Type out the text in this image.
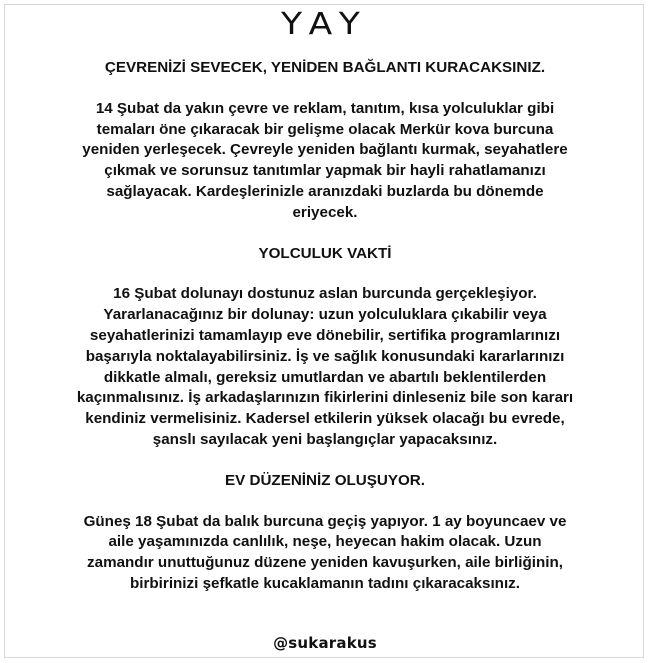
YAY

ÇEVRENİZİ SEVECEK, YENİDEN BAĞLANTI KURACAKSINIZ.

14 Şubat da yakın çevre ve reklam, tanıtım, kısa yolculuklar gibi

temaları öne çıkaracak bir gelişme olacak Merkür kova burcuna

yeniden yerleşecek. Çevreyle yeniden bağlantı kurmak, seyahatlere

çıkmak ve sorunsuz tanıtımlar yapmak bir hayli rahatlamanızı

sağlayacak. Kardeşlerinizle aranızdaki buzlarda bu dönemde

eriyecek.

YOLCULUK VAKTİ

16 Şubat dolunayı dostunuz aslan burcunda gerçekleşiyor.

Yararlanacağınız bir dolunay: uzun yolculuklara çıkabilir veya

seyahatlerinizi tamamlayıp eve dönebilir, sertifika programlarınızı

başarıyla noktalayabilirsiniz. İş ve sağlık konusundaki kararlarınızı

dikkatle almalı, gereksiz umutlardan ve abartılı beklentilerden

kaçınmalısınız. İş arkadaşlarınızın fikirlerini dinleseniz bile son kararı

kendiniz vermelisiniz. Kadersel etkilerin yüksek olacağı bu evrede,

şanslı sayılacak yeni başlangıçlar yapacaksınız.

EV DÜZENİNİZ OLUŞUYOR.

Güneş 18 Şubat da balık burcuna geçiş yapıyor. 1 ay boyuncaev ve

aile yaşamınızda canlılık, neşe, heyecan hakim olacak. Uzun

zamandır unuttuğunuz düzene yeniden kavuşurken, aile birliğinin,

birbirinizi şefkatle kucaklamanın tadını çıkaracaksınız.

@sukarakus
